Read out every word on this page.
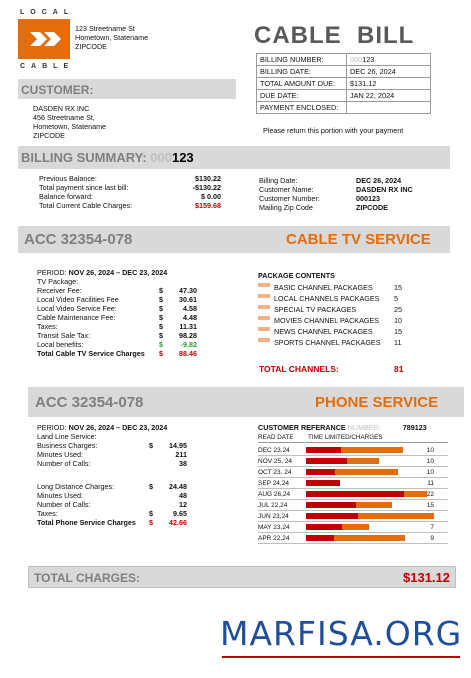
LOCAL
CABLE
123 Streetname St
Hometown, Statename
ZIPCODE	CABLE  BILL
BILLING NUMBER:	000123
BILLING DATE:	DEC 26, 2024
TOTAL AMOUNT DUE:	$131.12
DUE DATE:	JAN 22, 2024
PAYMENT ENCLOSED:	
Please return this portion with your payment
CUSTOMER:
DASDEN RX INC
456 Streetname St,
Hometown, Statename
ZIPCODE
BILLING SUMMARY: 000123
Previous Balance:	$130.22
Total payment since last bill:	-$130.22
Balance forward:	$ 0.00
Total Current Cable Charges:	$159.68
Billing Date:	DEC 26, 2024
Customer Name:	DASDEN RX INC
Customer Number:	000123
Mailing Zip Code	ZIPCODE
ACC 32354-078	CABLE TV SERVICE
PERIOD: NOV 26, 2024 – DEC 23, 2024
TV Package:
Receiver Fee:	$	47.30
Local Video Facilities Fee	$	30.61
Local Video Service Fee:	$	4.58
Cable Maintenance Fee:	$	4.48
Taxes:	$	11.31
Transit Sale Tax:	$	98.28
Local benefits:	$	-9.82
Total Cable TV Service Charges	$	88.46
PACKAGE CONTENTS
BASIC CHANNEL PACKAGES	15
LOCAL CHANNELS PACKAGES	5
SPECIAL TV PACKAGES	25
MOVIES CHANNEL PACKAGES	10
NEWS CHANNEL PACKAGES	15
SPORTS CHANNEL PACKAGES	11
TOTAL CHANNELS:	81
ACC 32354-078	PHONE SERVICE
PERIOD: NOV 26, 2024 – DEC 23, 2024
Land Line Service:
Business Charges:	$	14.95
Minutes Used:	211
Number of Calls:	38
Long Distance Charges:	$	24.48
Minutes Used:	48
Number of Calls:	12
Taxes:	$	9.65
Total Phone Service Charges	$	42.66
CUSTOMER REFERANCE NUMBER:	789123
READ DATE	TIME LIMITED/CHARGES
DEC 23,24	10
NOV 25, 24	10
OCT 23, 24	10
SEP 24,24	11
AUG 26,24	22
JUL 22,24	15
JUN 23,24
MAY 23,24	7
APR 22,24	9
TOTAL CHARGES:	$131.12
MARFISA.ORG
